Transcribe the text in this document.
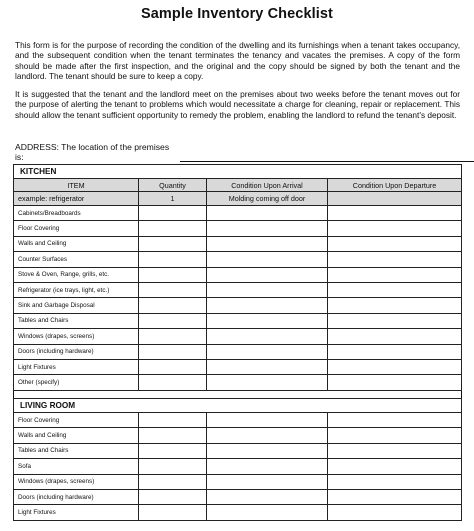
Sample Inventory Checklist
This form is for the purpose of recording the condition of the dwelling and its furnishings when a tenant takes occupancy, and the subsequent condition when the tenant terminates the tenancy and vacates the premises. A copy of the form should be made after the first inspection, and the original and the copy should be signed by both the tenant and the landlord. The tenant should be sure to keep a copy.
It is suggested that the tenant and the landlord meet on the premises about two weeks before the tenant moves out for the purpose of alerting the tenant to problems which would necessitate a charge for cleaning, repair or replacement. This should allow the tenant sufficient opportunity to remedy the problem, enabling the landlord to refund the tenant's deposit.
ADDRESS: The location of the premises is:
KITCHEN			
ITEM	Quantity	Condition Upon Arrival	Condition Upon Departure
example: refrigerator	1	Molding coming off door	
Cabinets/Breadboards			
Floor Covering			
Walls and Ceiling			
Counter Surfaces			
Stove & Oven, Range, grills, etc.			
Refrigerator (ice trays, light, etc.)			
Sink and Garbage Disposal			
Tables and Chairs			
Windows (drapes, screens)			
Doors (including hardware)			
Light Fixtures			
Other (specify)			

LIVING ROOM			
Floor Covering			
Walls and Ceiling			
Tables and Chairs			
Sofa			
Windows (drapes, screens)			
Doors (including hardware)			
Light Fixtures			
